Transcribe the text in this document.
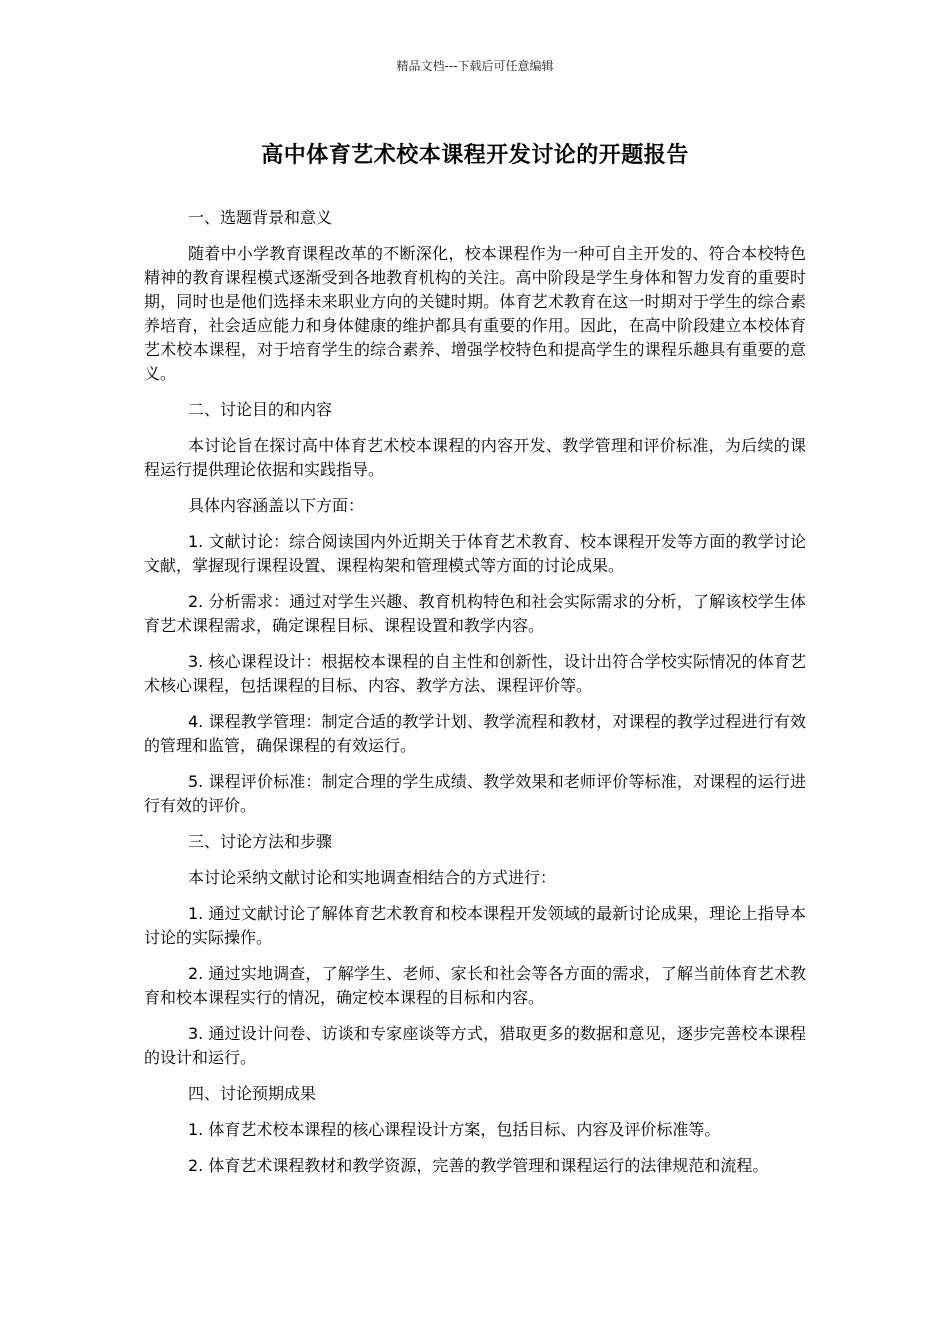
精品文档---下载后可任意编辑
高中体育艺术校本课程开发讨论的开题报告

一、选题背景和意义

随着中小学教育课程改革的不断深化，校本课程作为一种可自主开发的、符合本校特色精神的教育课程模式逐渐受到各地教育机构的关注。高中阶段是学生身体和智力发育的重要时期，同时也是他们选择未来职业方向的关键时期。体育艺术教育在这一时期对于学生的综合素养培育，社会适应能力和身体健康的维护都具有重要的作用。因此，在高中阶段建立本校体育艺术校本课程，对于培育学生的综合素养、增强学校特色和提高学生的课程乐趣具有重要的意义。

二、讨论目的和内容

本讨论旨在探讨高中体育艺术校本课程的内容开发、教学管理和评价标准，为后续的课程运行提供理论依据和实践指导。

具体内容涵盖以下方面：

1. 文献讨论：综合阅读国内外近期关于体育艺术教育、校本课程开发等方面的教学讨论文献，掌握现行课程设置、课程构架和管理模式等方面的讨论成果。

2. 分析需求：通过对学生兴趣、教育机构特色和社会实际需求的分析，了解该校学生体育艺术课程需求，确定课程目标、课程设置和教学内容。

3. 核心课程设计：根据校本课程的自主性和创新性，设计出符合学校实际情况的体育艺术核心课程，包括课程的目标、内容、教学方法、课程评价等。

4. 课程教学管理：制定合适的教学计划、教学流程和教材，对课程的教学过程进行有效的管理和监管，确保课程的有效运行。

5. 课程评价标准：制定合理的学生成绩、教学效果和老师评价等标准，对课程的运行进行有效的评价。

三、讨论方法和步骤

本讨论采纳文献讨论和实地调查相结合的方式进行：

1. 通过文献讨论了解体育艺术教育和校本课程开发领域的最新讨论成果，理论上指导本讨论的实际操作。

2. 通过实地调查，了解学生、老师、家长和社会等各方面的需求，了解当前体育艺术教育和校本课程实行的情况，确定校本课程的目标和内容。

3. 通过设计问卷、访谈和专家座谈等方式，猎取更多的数据和意见，逐步完善校本课程的设计和运行。

四、讨论预期成果

1. 体育艺术校本课程的核心课程设计方案，包括目标、内容及评价标准等。

2. 体育艺术课程教材和教学资源，完善的教学管理和课程运行的法律规范和流程。
